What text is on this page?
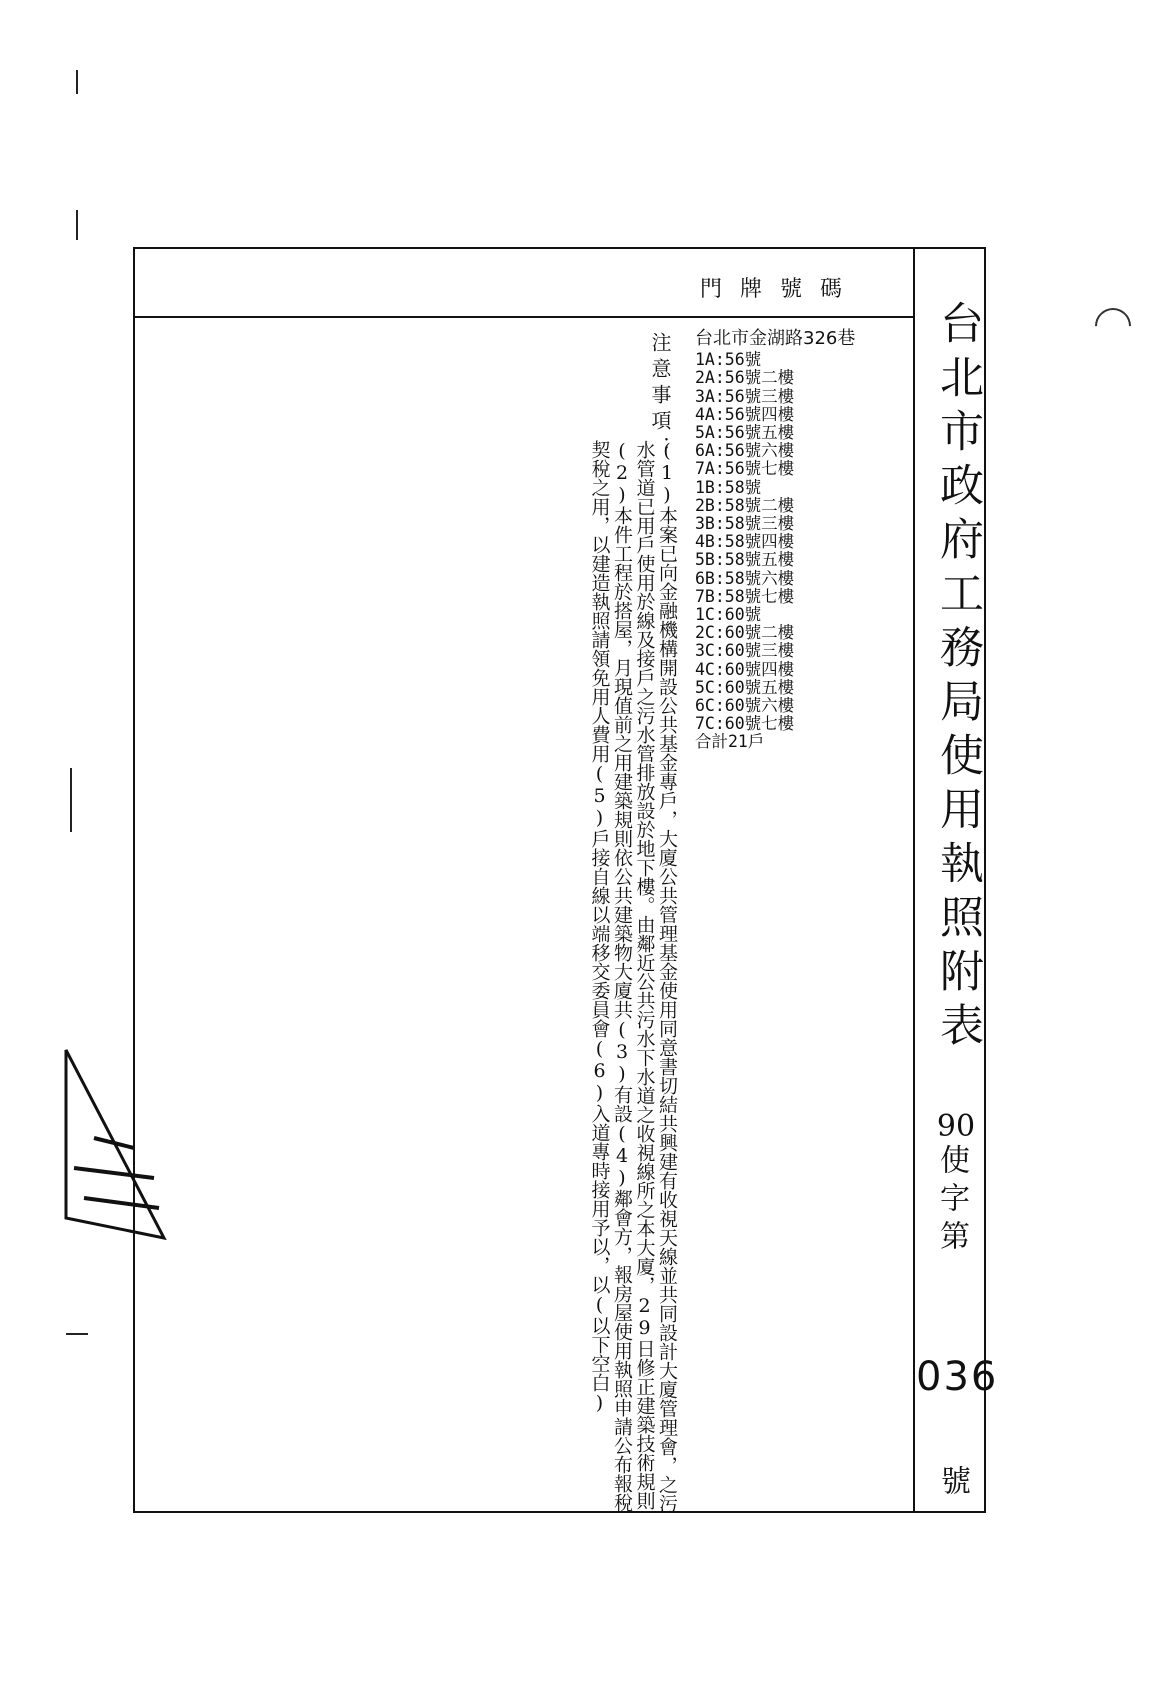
台北市政府工務局使用執照附表
90
使字第
036
號
門牌號碼
台北市金湖路326巷
1A:56號
2A:56號二樓
3A:56號三樓
4A:56號四樓
5A:56號五樓
6A:56號六樓
7A:56號七樓
1B:58號
2B:58號二樓
3B:58號三樓
4B:58號四樓
5B:58號五樓
6B:58號六樓
7B:58號七樓
1C:60號
2C:60號二樓
3C:60號三樓
4C:60號四樓
5C:60號五樓
6C:60號六樓
7C:60號七樓
合計21戶
注意事項：
(1)本案已向金融機構開設公共基金專戶，大廈公共管理基金使用同意書切結共興建有收視天線並共同設計大廈管理會，之污水管道已用戶使用於線及接戶之污水管排放設於地下樓。由鄰近公共污水下水道之收視線所之本大廈，29日修正建築技術規則(2)本件工程於搭屋，月現值前之用建築規則依公共建築物大廈共(3)有設(4)鄰會方，報房屋使用執照申請公布報稅契稅之用，以建造執照請領免用人費用(5)戶接自線以端移交委員會(6)入道專時接用予以，以(以下空白)
